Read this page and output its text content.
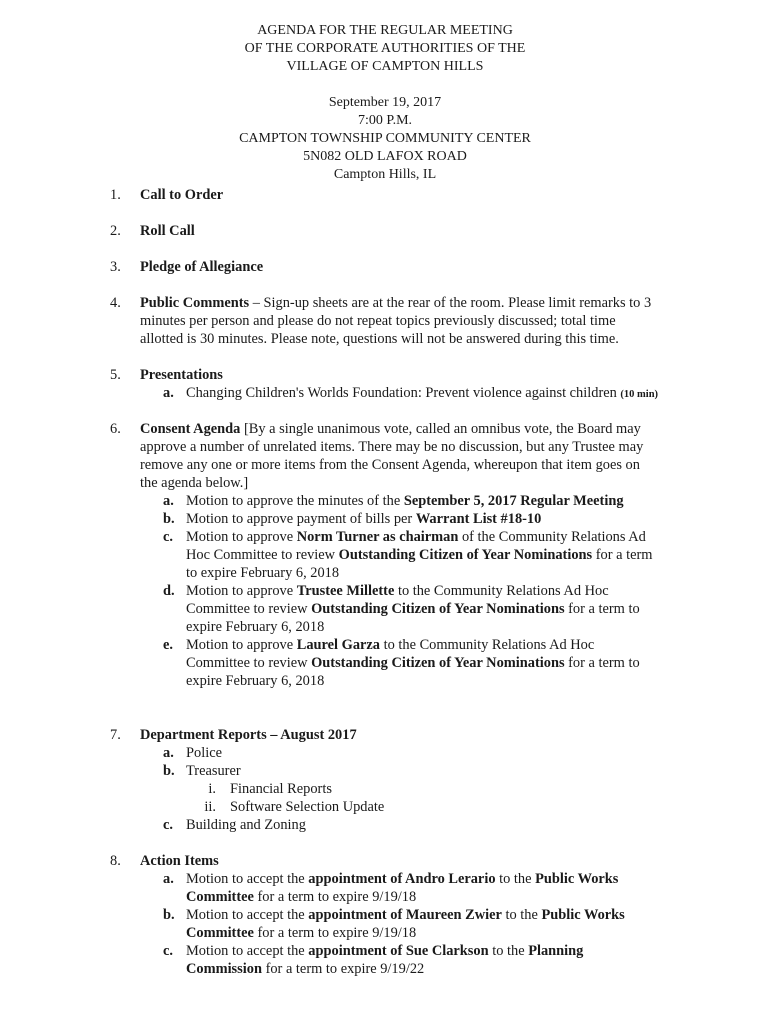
AGENDA FOR THE REGULAR MEETING
OF THE CORPORATE AUTHORITIES OF THE
VILLAGE OF CAMPTON HILLS
September 19, 2017
7:00 P.M.
CAMPTON TOWNSHIP COMMUNITY CENTER
5N082 OLD LAFOX ROAD
Campton Hills, IL
1. Call to Order
2. Roll Call
3. Pledge of Allegiance
4. Public Comments – Sign-up sheets are at the rear of the room. Please limit remarks to 3
minutes per person and please do not repeat topics previously discussed; total time
allotted is 30 minutes. Please note, questions will not be answered during this time.
5. Presentations
a. Changing Children's Worlds Foundation: Prevent violence against children (10 min)
6. Consent Agenda [By a single unanimous vote, called an omnibus vote, the Board may
approve a number of unrelated items. There may be no discussion, but any Trustee may
remove any one or more items from the Consent Agenda, whereupon that item goes on
the agenda below.]
a. Motion to approve the minutes of the September 5, 2017 Regular Meeting
b. Motion to approve payment of bills per Warrant List #18-10
c. Motion to approve Norm Turner as chairman of the Community Relations Ad
Hoc Committee to review Outstanding Citizen of Year Nominations for a term
to expire February 6, 2018
d. Motion to approve Trustee Millette to the Community Relations Ad Hoc
Committee to review Outstanding Citizen of Year Nominations for a term to
expire February 6, 2018
e. Motion to approve Laurel Garza to the Community Relations Ad Hoc
Committee to review Outstanding Citizen of Year Nominations for a term to
expire February 6, 2018
7. Department Reports – August 2017
a. Police
b. Treasurer
i. Financial Reports
ii. Software Selection Update
c. Building and Zoning
8. Action Items
a. Motion to accept the appointment of Andro Lerario to the Public Works
Committee for a term to expire 9/19/18
b. Motion to accept the appointment of Maureen Zwier to the Public Works
Committee for a term to expire 9/19/18
c. Motion to accept the appointment of Sue Clarkson to the Planning
Commission for a term to expire 9/19/22
